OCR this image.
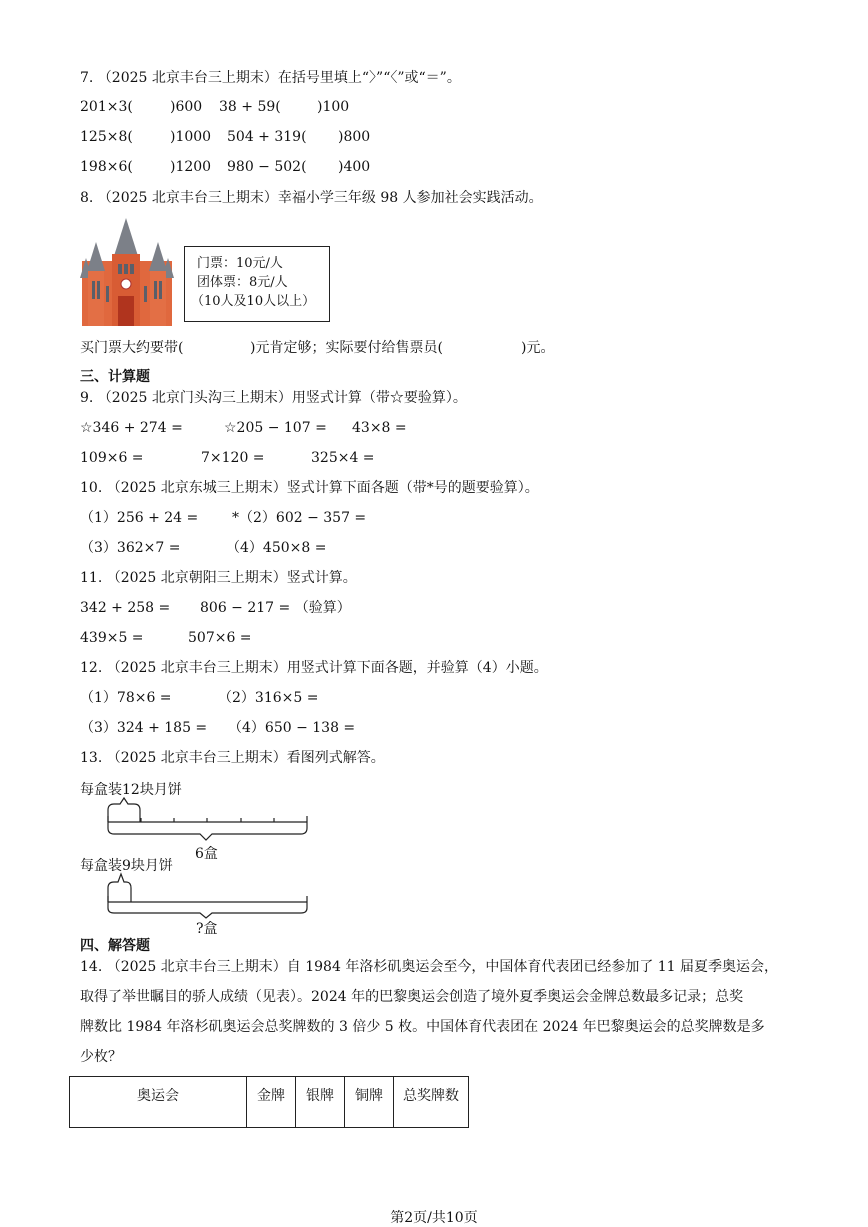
7. （2025 北京丰台三上期末）在括号里填上“〉”“〈”或“＝”。
201×3(	)600 38 + 59(	)100
125×8(	)1000 504 + 319( )800
198×6(	)1200 980 − 502( )400
8. （2025 北京丰台三上期末）幸福小学三年级 98 人参加社会实践活动。
门票：10元/人
团体票：8元/人
（10人及10人以上）
买门票大约要带(	)元肯定够；实际要付给售票员(	)元。
三、计算题
9. （2025 北京门头沟三上期末）用竖式计算（带☆要验算）。
☆346 + 274 =	☆205 − 107 = 43×8 =
109×6 =	7×120 =	325×4 =
10. （2025 北京东城三上期末）竖式计算下面各题（带*号的题要验算）。
（1）256 + 24 = *（2）602 − 357 =
（3）362×7 =	（4）450×8 =
11. （2025 北京朝阳三上期末）竖式计算。
342 + 258 = 806 − 217 = （验算）
439×5 =	507×6 =
12. （2025 北京丰台三上期末）用竖式计算下面各题，并验算（4）小题。
（1）78×6 =	（2）316×5 =
（3）324 + 185 = （4）650 − 138 =
13. （2025 北京丰台三上期末）看图列式解答。
每盒装12块月饼
6盒
每盒装9块月饼
?盒
四、解答题
14. （2025 北京丰台三上期末）自 1984 年洛杉矶奥运会至今，中国体育代表团已经参加了 11 届夏季奥运会，
取得了举世瞩目的骄人成绩（见表）。2024 年的巴黎奥运会创造了境外夏季奥运会金牌总数最多记录；总奖
牌数比 1984 年洛杉矶奥运会总奖牌数的 3 倍少 5 枚。中国体育代表团在 2024 年巴黎奥运会的总奖牌数是多
少枚？
奥运会	金牌	银牌	铜牌	总奖牌数
第2页/共10页
